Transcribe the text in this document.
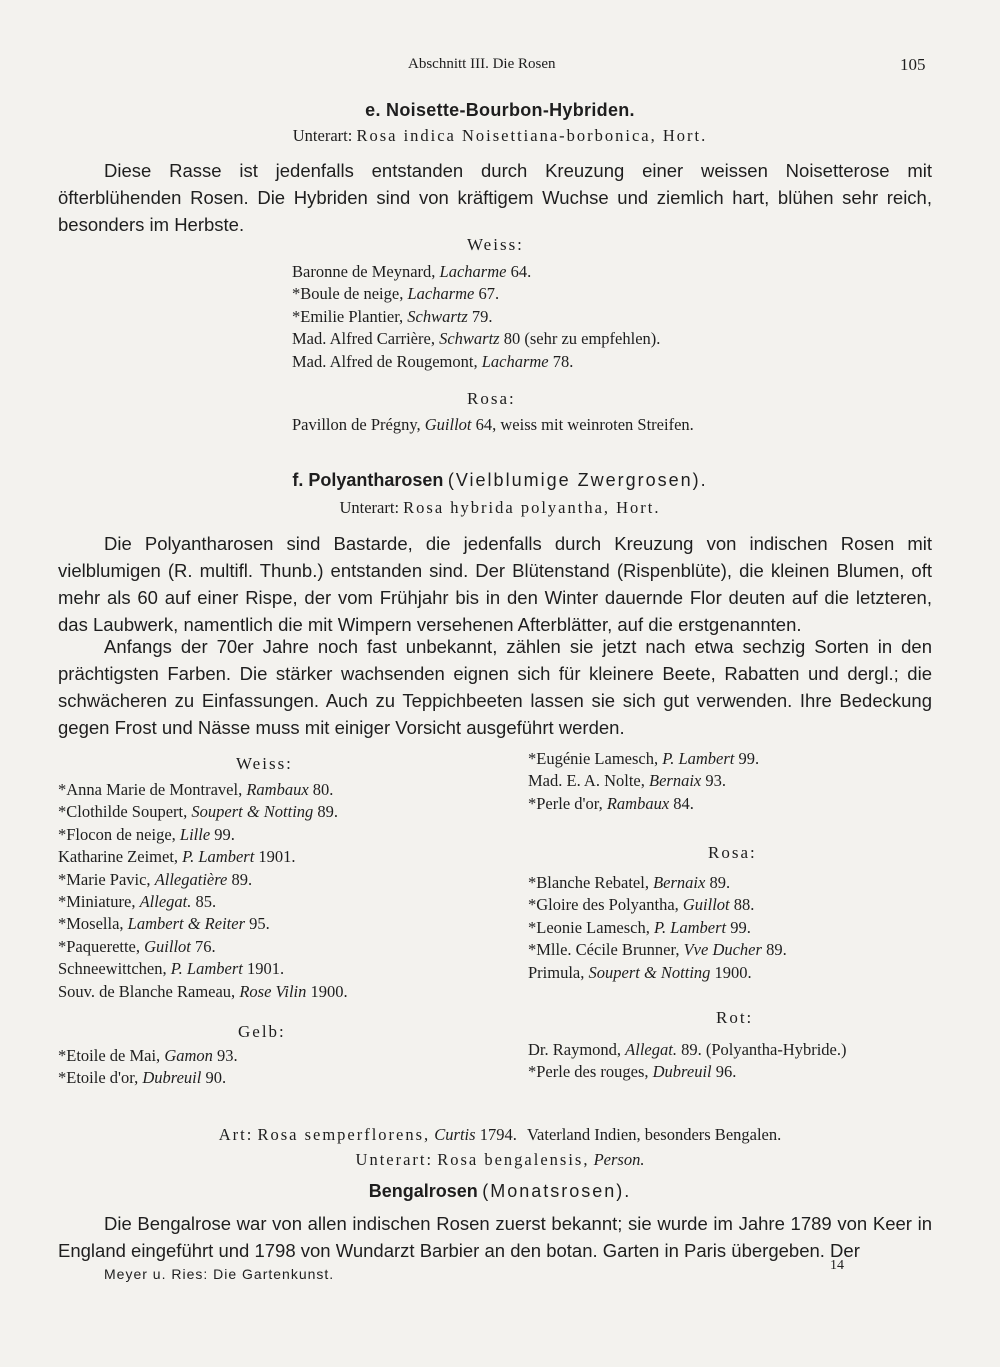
Abschnitt III. Die Rosen	105
e. Noisette-Bourbon-Hybriden.
Unterart: Rosa indica Noisettiana-borbonica, Hort.
Diese Rasse ist jedenfalls entstanden durch Kreuzung einer weissen Noisetterose mit öfterblühenden Rosen. Die Hybriden sind von kräftigem Wuchse und ziemlich hart, blühen sehr reich, besonders im Herbste.
Weiss:
Baronne de Meynard, Lacharme 64.
*Boule de neige, Lacharme 67.
*Emilie Plantier, Schwartz 79.
Mad. Alfred Carrière, Schwartz 80 (sehr zu empfehlen).
Mad. Alfred de Rougemont, Lacharme 78.
Rosa:
Pavillon de Prégny, Guillot 64, weiss mit weinroten Streifen.
f. Polyantharosen (Vielblumige Zwergrosen).
Unterart: Rosa hybrida polyantha, Hort.
Die Polyantharosen sind Bastarde, die jedenfalls durch Kreuzung von indischen Rosen mit vielblumigen (R. multifl. Thunb.) entstanden sind. Der Blütenstand (Rispenblüte), die kleinen Blumen, oft mehr als 60 auf einer Rispe, der vom Frühjahr bis in den Winter dauernde Flor deuten auf die letzteren, das Laubwerk, namentlich die mit Wimpern versehenen Afterblätter, auf die erstgenannten.
Anfangs der 70er Jahre noch fast unbekannt, zählen sie jetzt nach etwa sechzig Sorten in den prächtigsten Farben. Die stärker wachsenden eignen sich für kleinere Beete, Rabatten und dergl.; die schwächeren zu Einfassungen. Auch zu Teppichbeeten lassen sie sich gut verwenden. Ihre Bedeckung gegen Frost und Nässe muss mit einiger Vorsicht ausgeführt werden.
Weiss:
*Anna Marie de Montravel, Rambaux 80.
*Clothilde Soupert, Soupert & Notting 89.
*Flocon de neige, Lille 99.
Katharine Zeimet, P. Lambert 1901.
*Marie Pavic, Allegatière 89.
*Miniature, Allegat. 85.
*Mosella, Lambert & Reiter 95.
*Paquerette, Guillot 76.
Schneewittchen, P. Lambert 1901.
Souv. de Blanche Rameau, Rose Vilin 1900.
Gelb:
*Etoile de Mai, Gamon 93.
*Etoile d'or, Dubreuil 90.
*Eugénie Lamesch, P. Lambert 99.
Mad. E. A. Nolte, Bernaix 93.
*Perle d'or, Rambaux 84.
Rosa:
*Blanche Rebatel, Bernaix 89.
*Gloire des Polyantha, Guillot 88.
*Leonie Lamesch, P. Lambert 99.
*Mlle. Cécile Brunner, Vve Ducher 89.
Primula, Soupert & Notting 1900.
Rot:
Dr. Raymond, Allegat. 89. (Polyantha-Hybride.)
*Perle des rouges, Dubreuil 96.
Art: Rosa semperflorens, Curtis 1794. Vaterland Indien, besonders Bengalen.
Unterart: Rosa bengalensis, Person.
Bengalrosen (Monatsrosen).
Die Bengalrose war von allen indischen Rosen zuerst bekannt; sie wurde im Jahre 1789 von Keer in England eingeführt und 1798 von Wundarzt Barbier an den botan. Garten in Paris übergeben. Der
Meyer u. Ries: Die Gartenkunst.
14
